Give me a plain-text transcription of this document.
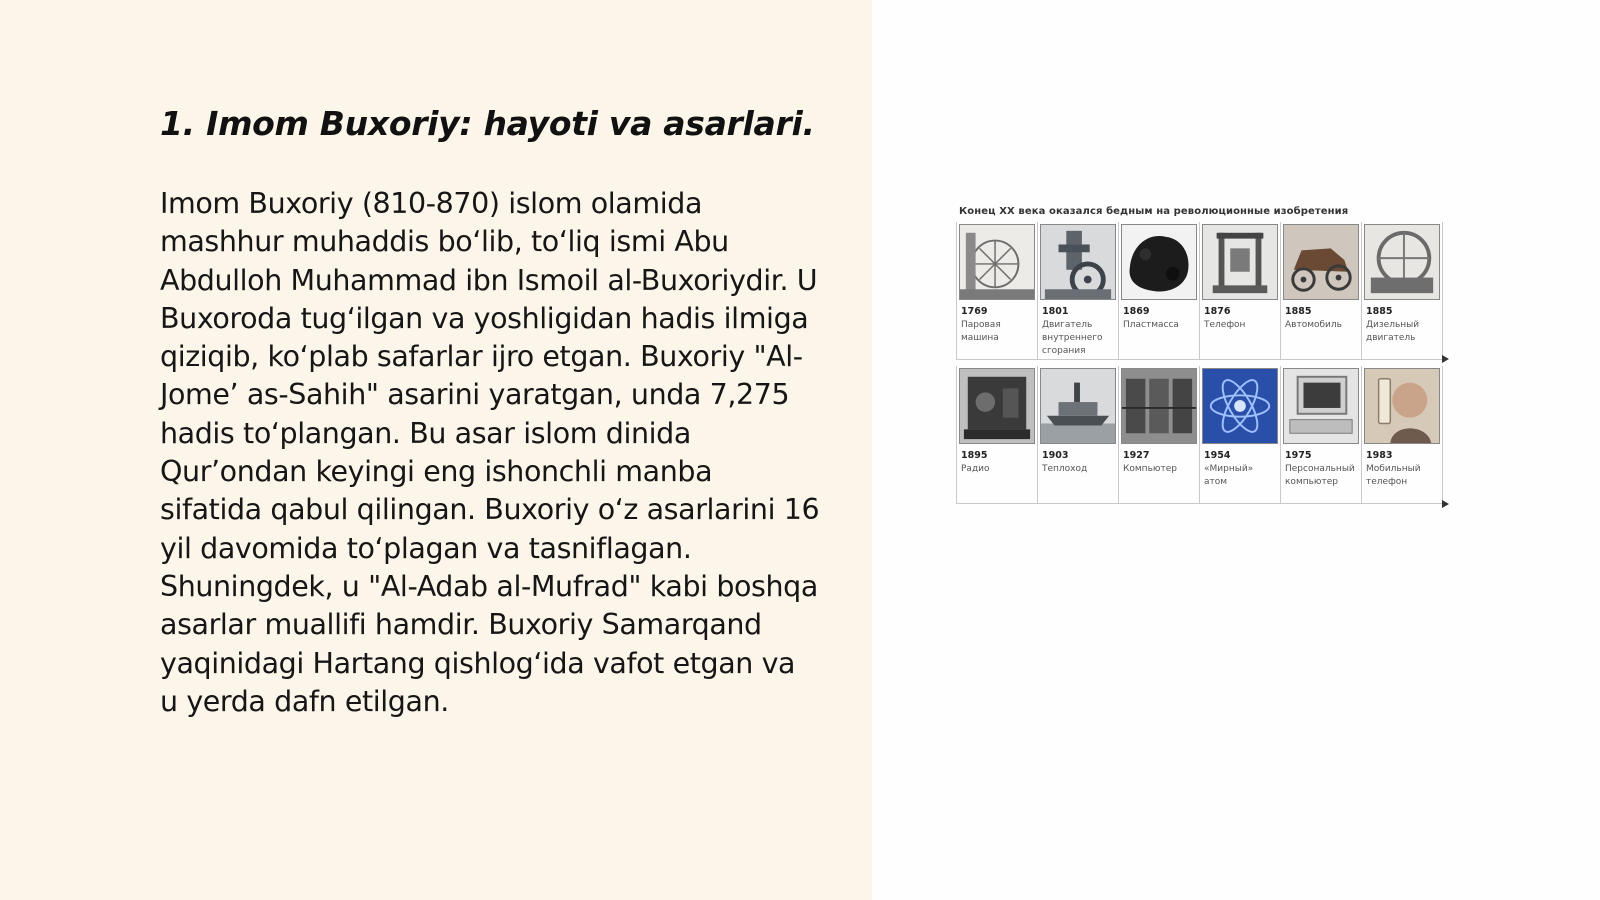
1. Imom Buxoriy: hayoti va asarlari.

Imom Buxoriy (810-870) islom olamida mashhur muhaddis boʻlib, toʻliq ismi Abu Abdulloh Muhammad ibn Ismoil al-Buxoriydir. U Buxoroda tugʻilgan va yoshligidan hadis ilmiga qiziqib, koʻplab safarlar ijro etgan. Buxoriy "Al-Jomeʼ as-Sahih" asarini yaratgan, unda 7,275 hadis toʻplangan. Bu asar islom dinida Qurʼondan keyingi eng ishonchli manba sifatida qabul qilingan. Buxoriy oʻz asarlarini 16 yil davomida toʻplagan va tasniflagan. Shuningdek, u "Al-Adab al-Mufrad" kabi boshqa asarlar muallifi hamdir. Buxoriy Samarqand yaqinidagi Hartang qishlogʻida vafot etgan va u yerda dafn etilgan.

Конец XX века оказался бедным на революционные изобретения
1769
Паровая машина
1801
Двигатель внутреннего сгорания
1869
Пластмасса
1876
Телефон
1885
Автомобиль
1885
Дизельный двигатель
1895
Радио
1903
Теплоход
1927
Компьютер
1954
«Мирный» атом
1975
Персональный компьютер
1983
Мобильный телефон
